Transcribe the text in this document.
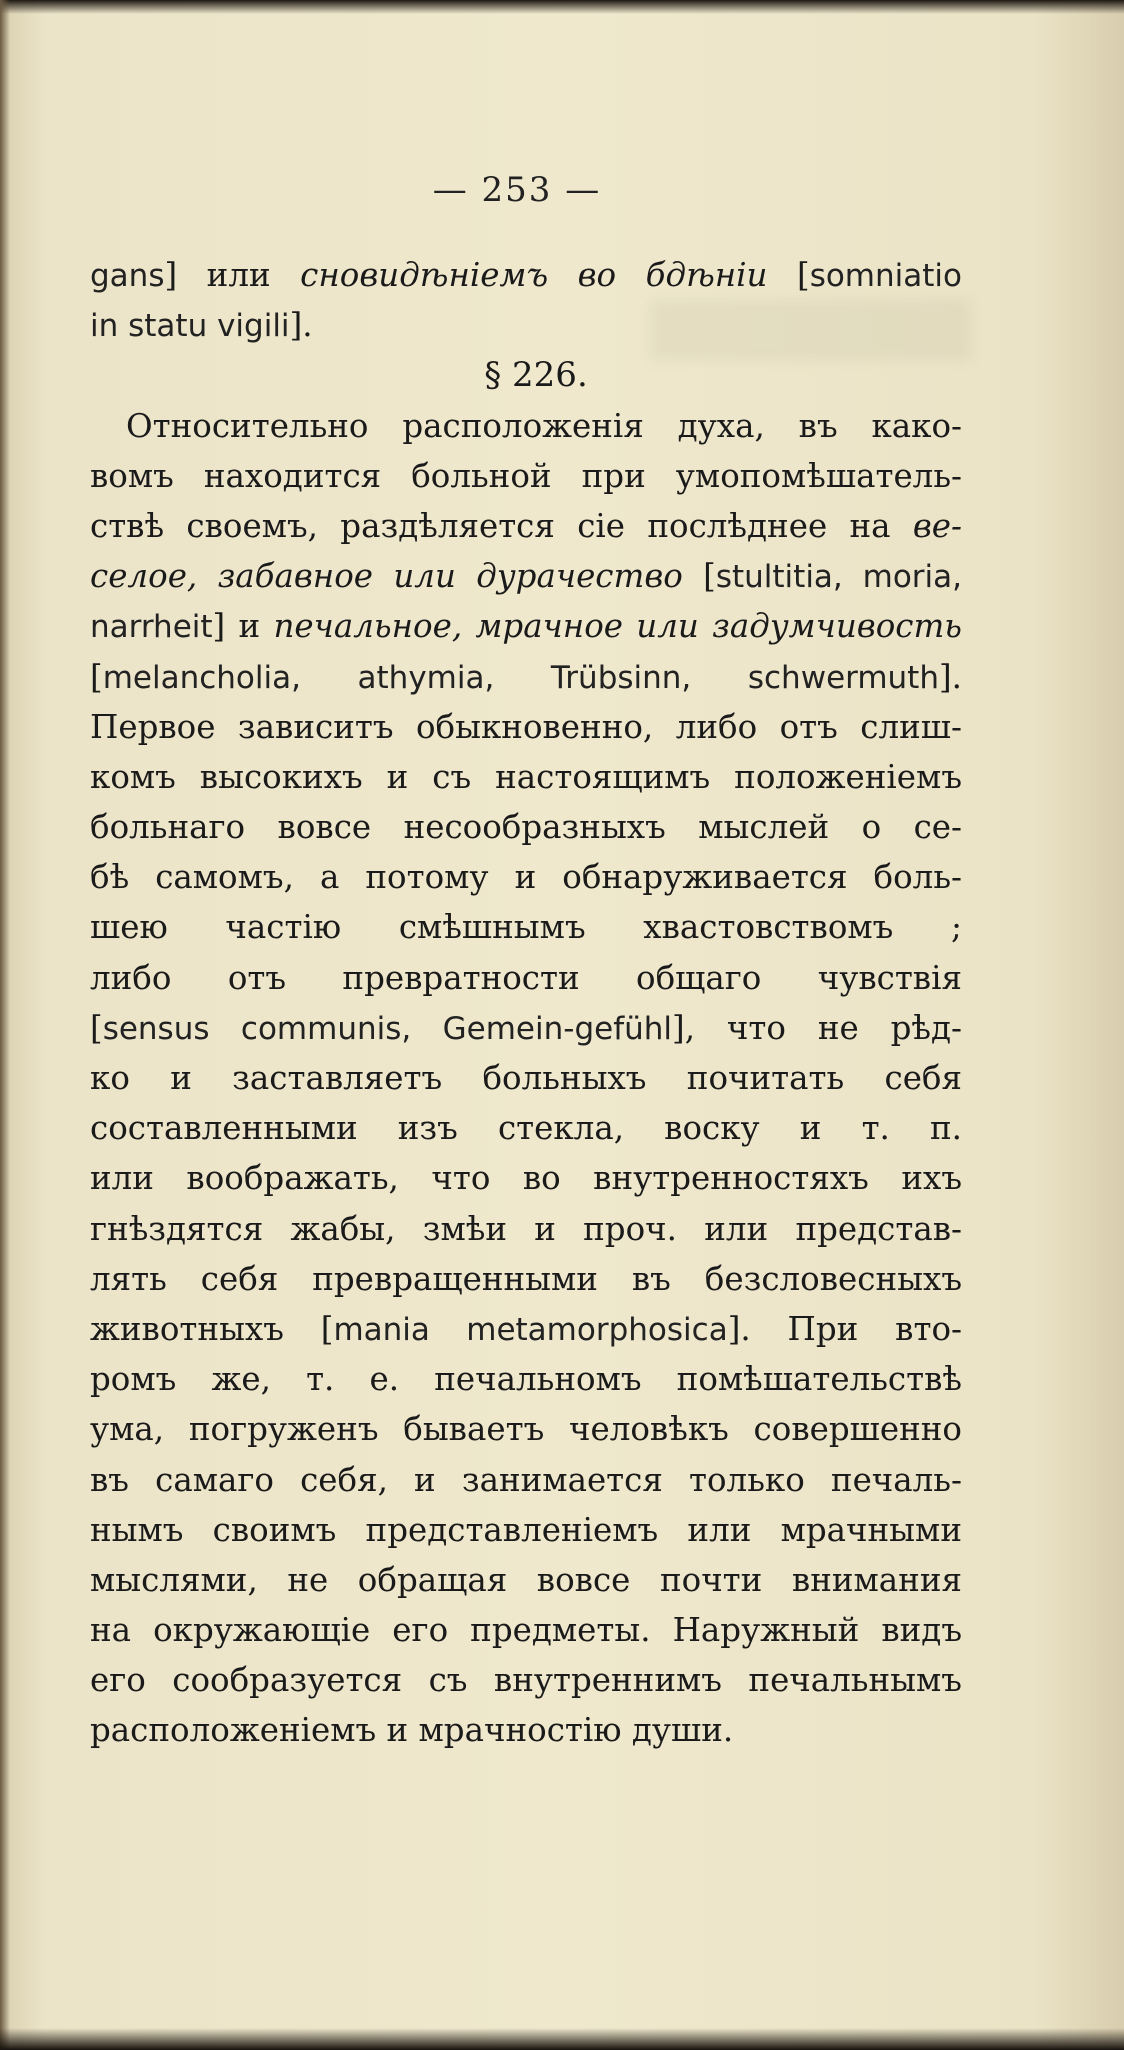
— 253 —
gans] или сновидѣнiемъ во бдѣнiи [somniatio
in statu vigili].
§ 226.
Относительно расположенiя духа, въ како-
вомъ находится больной при умопомѣшатель-
ствѣ своемъ, раздѣляется сiе послѣднее на ве-
селое, забавное или дурачество [stultitia, moria,
narrheit] и печальное, мрачное или задумчивость
[melancholia, athymia, Trübsinn, schwermuth].
Первое зависитъ обыкновенно, либо отъ слиш-
комъ высокихъ и съ настоящимъ положенiемъ
больнаго вовсе несообразныхъ мыслей о се-
бѣ самомъ, а потому и обнаруживается боль-
шею частiю смѣшнымъ хвастовствомъ ;
либо отъ превратности общаго чувствiя
[sensus communis, Gemein-gefühl], что не рѣд-
ко и заставляетъ больныхъ почитать себя
составленными изъ стекла, воску и т. п.
или воображать, что во внутренностяхъ ихъ
гнѣздятся жабы, змѣи и проч. или представ-
лять себя превращенными въ безсловесныхъ
животныхъ [mania metamorphosica]. При вто-
ромъ же, т. е. печальномъ помѣшательствѣ
ума, погруженъ бываетъ человѣкъ совершенно
въ самаго себя, и занимается только печаль-
нымъ своимъ представленiемъ или мрачными
мыслями, не обращая вовсе почти внимания
на окружающiе его предметы. Наружный видъ
его сообразуется съ внутреннимъ печальнымъ
расположенiемъ и мрачностiю души.
